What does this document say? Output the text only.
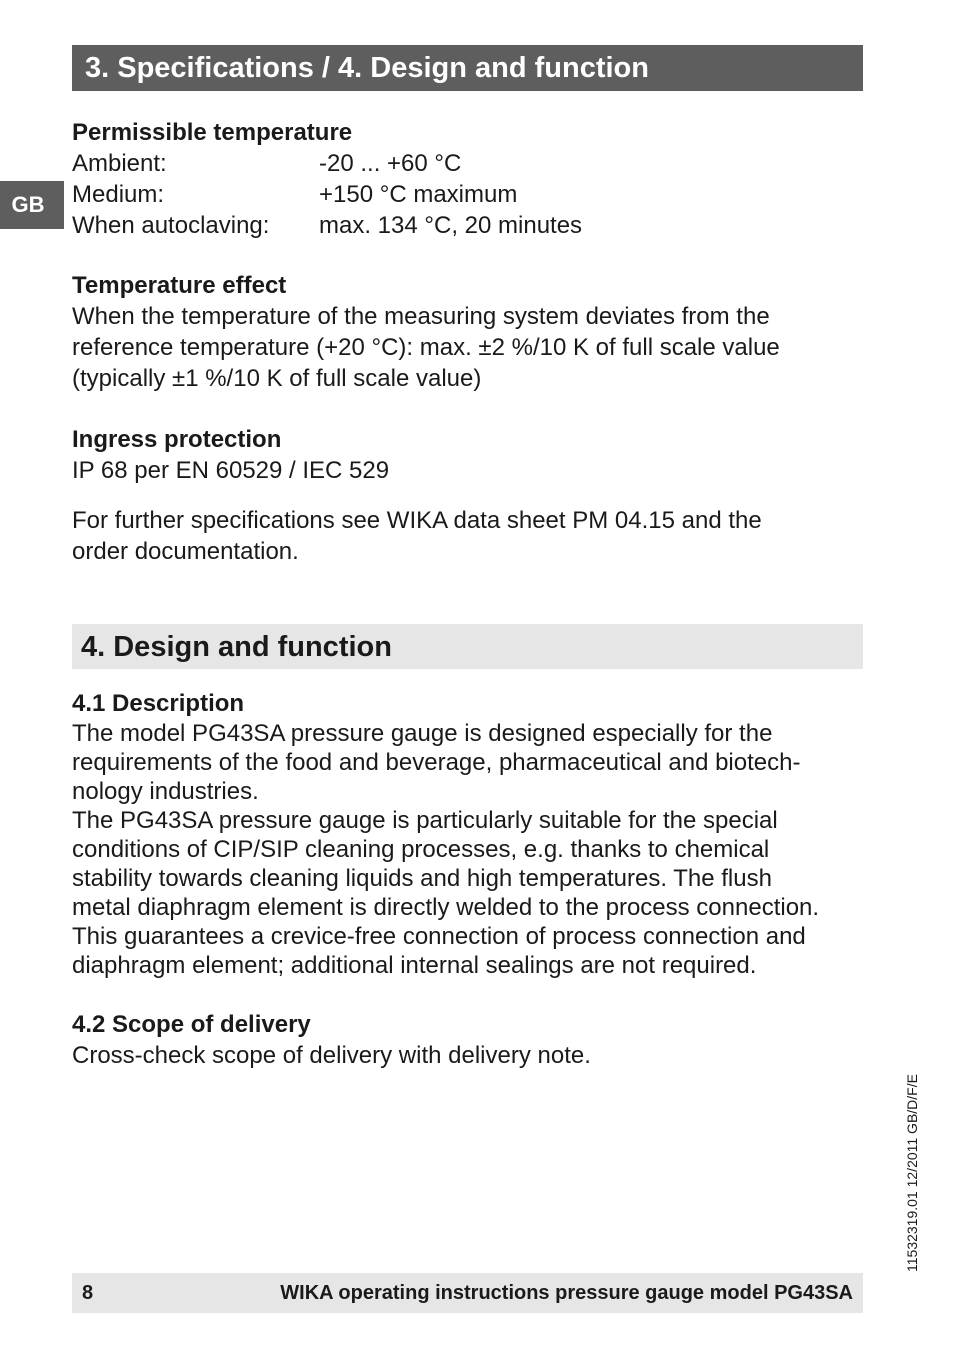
3. Specifications / 4. Design and function
GB
Permissible temperature
Ambient:	-20 ... +60 °C
Medium:	+150 °C maximum
When autoclaving:	max. 134 °C, 20 minutes
Temperature effect
When the temperature of the measuring system deviates from the
reference temperature (+20 °C): max. ±2 %/10 K of full scale value
(typically ±1 %/10 K of full scale value)
Ingress protection
IP 68 per EN 60529 / IEC 529
For further specifications see WIKA data sheet PM 04.15 and the
order documentation.
4. Design and function
4.1 Description
The model PG43SA pressure gauge is designed especially for the
requirements of the food and beverage, pharmaceutical and biotech-
nology industries.
The PG43SA pressure gauge is particularly suitable for the special
conditions of CIP/SIP cleaning processes, e.g. thanks to chemical
stability towards cleaning liquids and high temperatures. The flush
metal diaphragm element is directly welded to the process connection.
This guarantees a crevice-free connection of process connection and
diaphragm element; additional internal sealings are not required.
4.2 Scope of delivery
Cross-check scope of delivery with delivery note.
8	WIKA operating instructions pressure gauge model PG43SA
11532319.01 12/2011 GB/D/F/E
